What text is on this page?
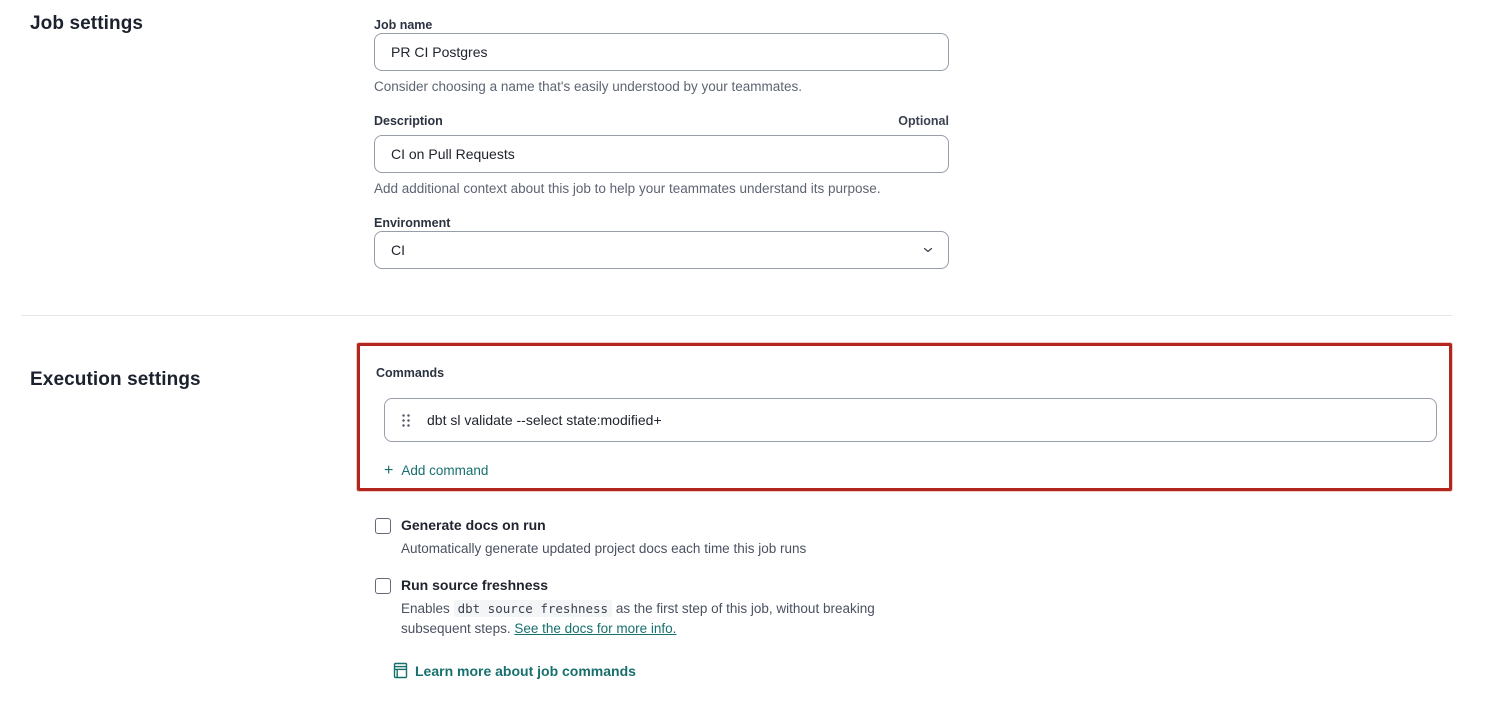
Job settings	Job name
PR CI Postgres
Consider choosing a name that's easily understood by your teammates.
Description	Optional
CI on Pull Requests
Add additional context about this job to help your teammates understand its purpose.
Environment
CI
Execution settings	Commands
dbt sl validate --select state:modified+
+ Add command
Generate docs on run
Automatically generate updated project docs each time this job runs
Run source freshness
Enables dbt source freshness as the first step of this job, without breaking subsequent steps. See the docs for more info.
Learn more about job commands
